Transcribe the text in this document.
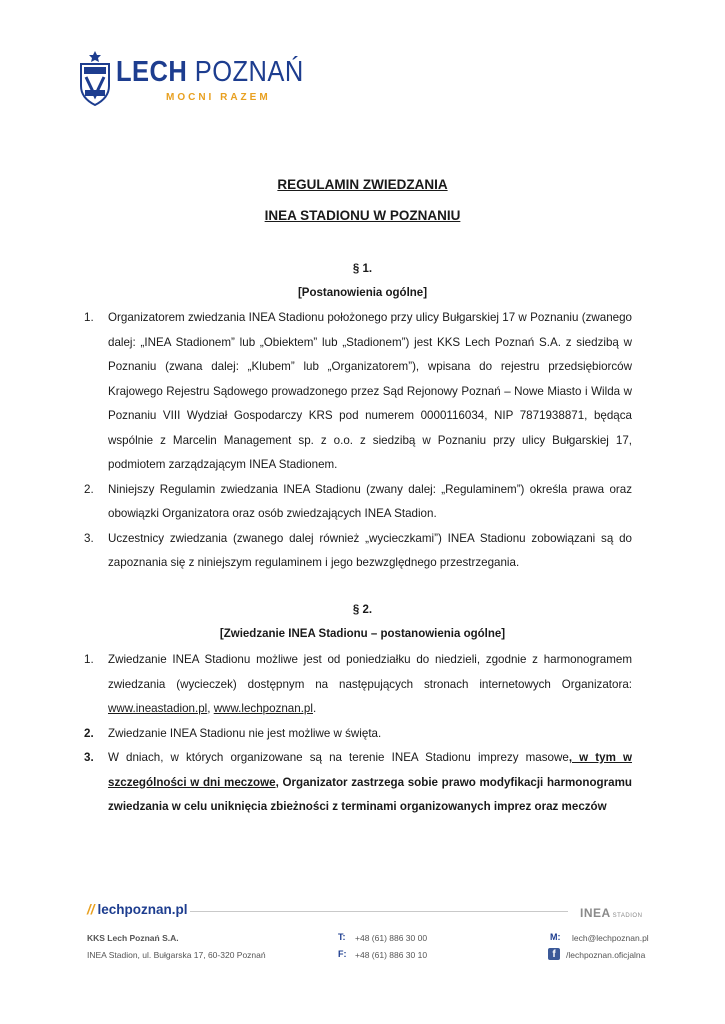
LECH POZNAŃ
MOCNI RAZEM
REGULAMIN ZWIEDZANIA
INEA STADIONU W POZNANIU
§ 1.
[Postanowienia ogólne]
1. Organizatorem zwiedzania INEA Stadionu położonego przy ulicy Bułgarskiej 17 w Poznaniu (zwanego dalej: „INEA Stadionem” lub „Obiektem” lub „Stadionem”) jest KKS Lech Poznań S.A. z siedzibą w Poznaniu (zwana dalej: „Klubem” lub „Organizatorem”), wpisana do rejestru przedsiębiorców Krajowego Rejestru Sądowego prowadzonego przez Sąd Rejonowy Poznań – Nowe Miasto i Wilda w Poznaniu VIII Wydział Gospodarczy KRS pod numerem 0000116034, NIP 7871938871, będąca wspólnie z Marcelin Management sp. z o.o. z siedzibą w Poznaniu przy ulicy Bułgarskiej 17, podmiotem zarządzającym INEA Stadionem.
2. Niniejszy Regulamin zwiedzania INEA Stadionu (zwany dalej: „Regulaminem”) określa prawa oraz obowiązki Organizatora oraz osób zwiedzających INEA Stadion.
3. Uczestnicy zwiedzania (zwanego dalej również „wycieczkami”) INEA Stadionu zobowiązani są do zapoznania się z niniejszym regulaminem i jego bezwzględnego przestrzegania.
§ 2.
[Zwiedzanie INEA Stadionu – postanowienia ogólne]
1. Zwiedzanie INEA Stadionu możliwe jest od poniedziałku do niedzieli, zgodnie z harmonogramem zwiedzania (wycieczek) dostępnym na następujących stronach internetowych Organizatora: www.ineastadion.pl, www.lechpoznan.pl.
2. Zwiedzanie INEA Stadionu nie jest możliwe w święta.
3. W dniach, w których organizowane są na terenie INEA Stadionu imprezy masowe, w tym w szczególności w dni meczowe, Organizator zastrzega sobie prawo modyfikacji harmonogramu zwiedzania w celu uniknięcia zbieżności z terminami organizowanych imprez oraz meczów
// lechpoznan.pl	INEA STADION
KKS Lech Poznań S.A.
INEA Stadion, ul. Bułgarska 17, 60-320 Poznań
T: +48 (61) 886 30 00
F: +48 (61) 886 30 10
M: lech@lechpoznan.pl
f	/lechpoznan.oficjalna
